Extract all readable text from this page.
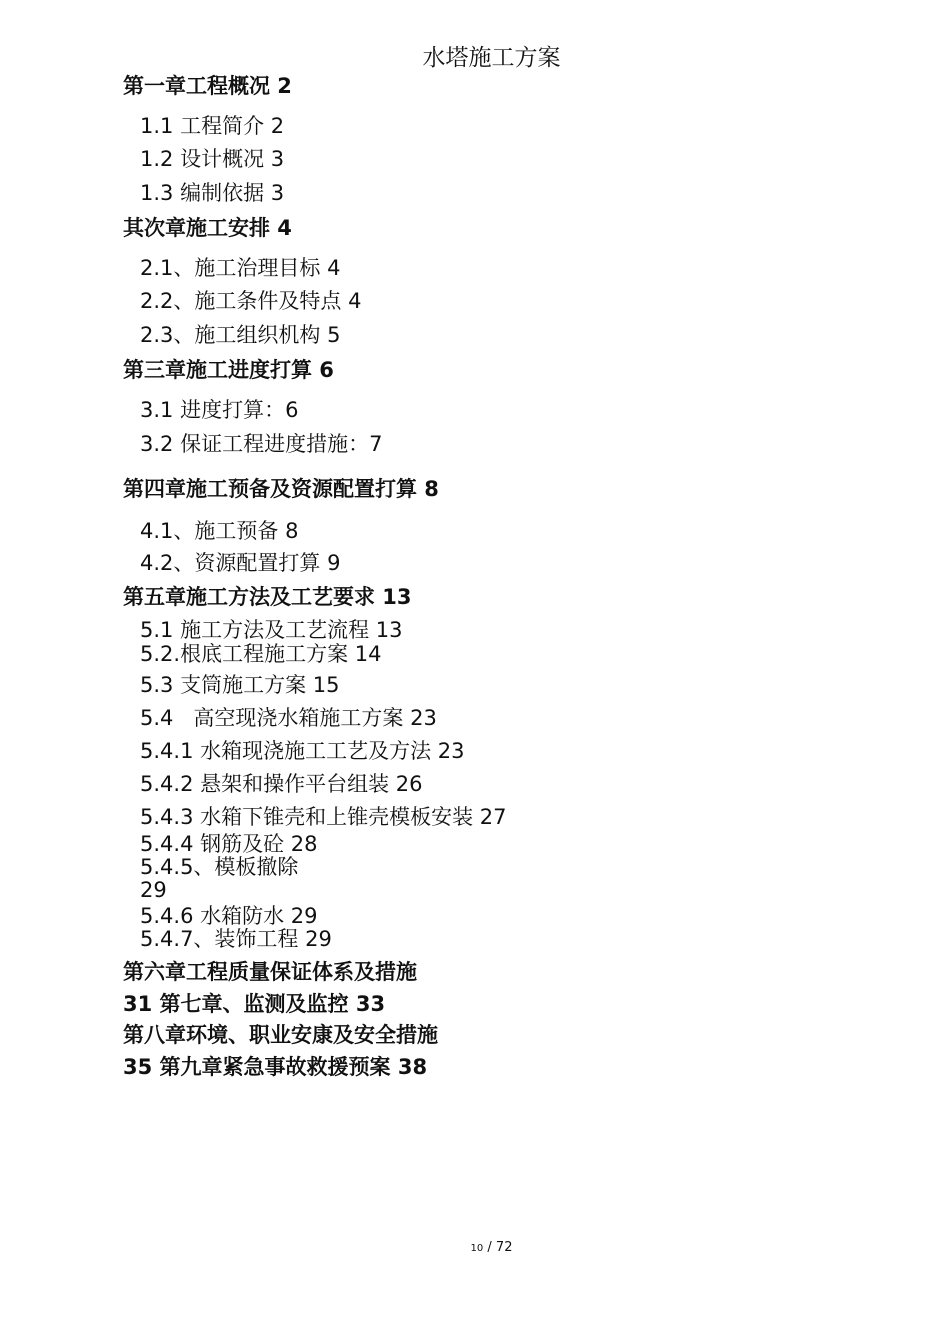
水塔施工方案
第一章工程概况 2
1.1 工程简介 2
1.2 设计概况 3
1.3 编制依据 3
其次章施工安排 4
2.1、施工治理目标 4
2.2、施工条件及特点 4
2.3、施工组织机构 5
第三章施工进度打算 6
3.1 进度打算：6
3.2 保证工程进度措施：7
第四章施工预备及资源配置打算 8
4.1、施工预备 8
4.2、资源配置打算 9
第五章施工方法及工艺要求 13
5.1 施工方法及工艺流程 13
5.2.根底工程施工方案 14
5.3 支筒施工方案 15
5.4   高空现浇水箱施工方案 23
5.4.1 水箱现浇施工工艺及方法 23
5.4.2 悬架和操作平台组装 26
5.4.3 水箱下锥壳和上锥壳模板安装 27
5.4.4 钢筋及砼 28
5.4.5、模板撤除
29
5.4.6 水箱防水 29
5.4.7、装饰工程 29
第六章工程质量保证体系及措施
31 第七章、监测及监控 33
第八章环境、职业安康及安全措施
35 第九章紧急事故救援预案 38
10 / 72
